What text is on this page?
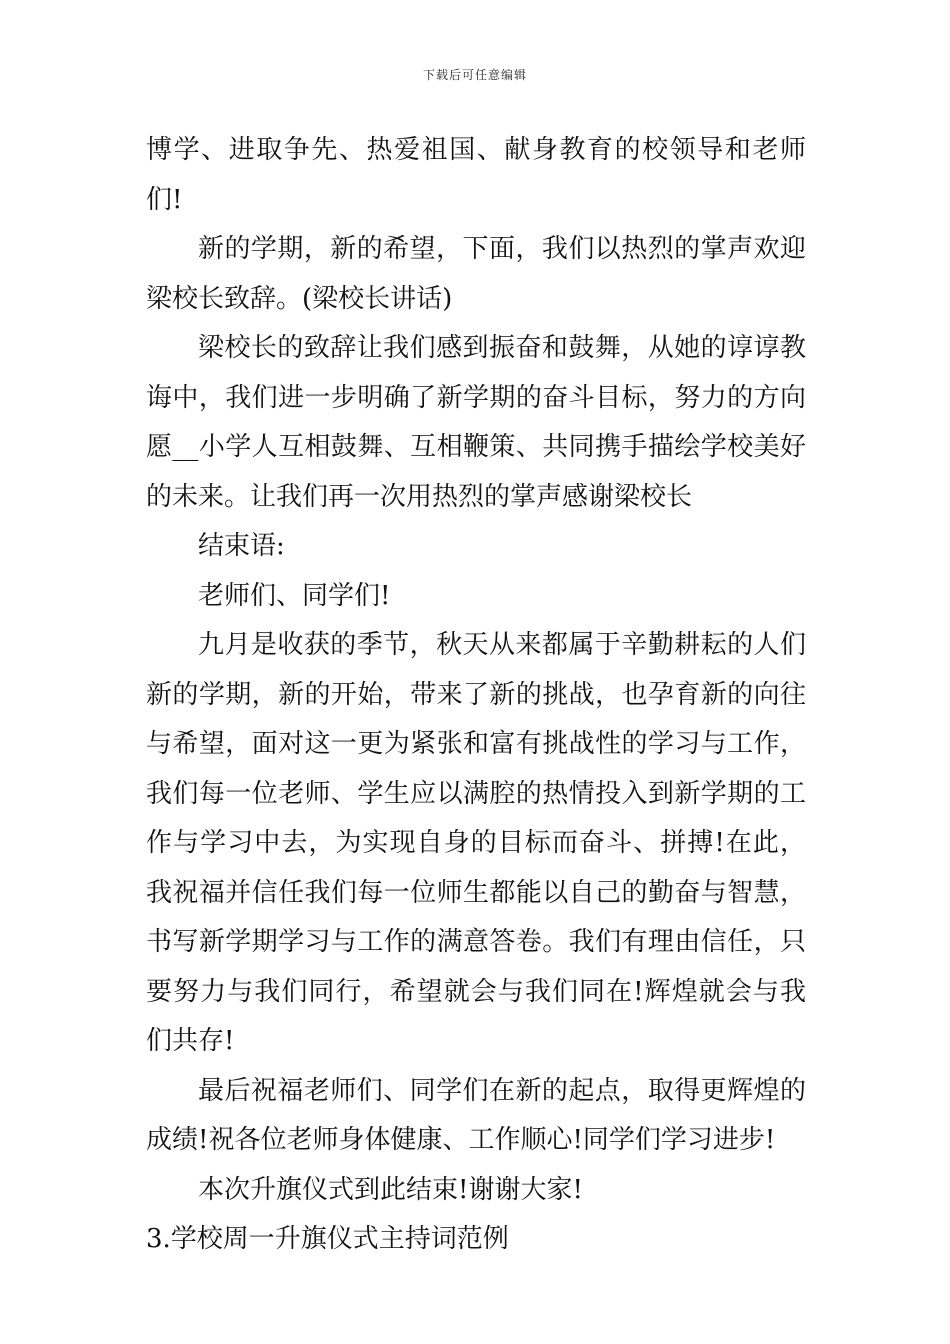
下载后可任意编辑

博学、进取争先、热爱祖国、献身教育的校领导和老师们!

新的学期，新的希望，下面，我们以热烈的掌声欢迎梁校长致辞。(梁校长讲话)

梁校长的致辞让我们感到振奋和鼓舞，从她的谆谆教诲中，我们进一步明确了新学期的奋斗目标，努力的方向愿__小学人互相鼓舞、互相鞭策、共同携手描绘学校美好的未来。让我们再一次用热烈的掌声感谢梁校长

结束语:

老师们、同学们!

九月是收获的季节，秋天从来都属于辛勤耕耘的人们新的学期，新的开始，带来了新的挑战，也孕育新的向往与希望，面对这一更为紧张和富有挑战性的学习与工作，我们每一位老师、学生应以满腔的热情投入到新学期的工作与学习中去，为实现自身的目标而奋斗、拼搏!在此，我祝福并信任我们每一位师生都能以自己的勤奋与智慧，书写新学期学习与工作的满意答卷。我们有理由信任，只要努力与我们同行，希望就会与我们同在!辉煌就会与我们共存!

最后祝福老师们、同学们在新的起点，取得更辉煌的成绩!祝各位老师身体健康、工作顺心!同学们学习进步!

本次升旗仪式到此结束!谢谢大家!

3.学校周一升旗仪式主持词范例
